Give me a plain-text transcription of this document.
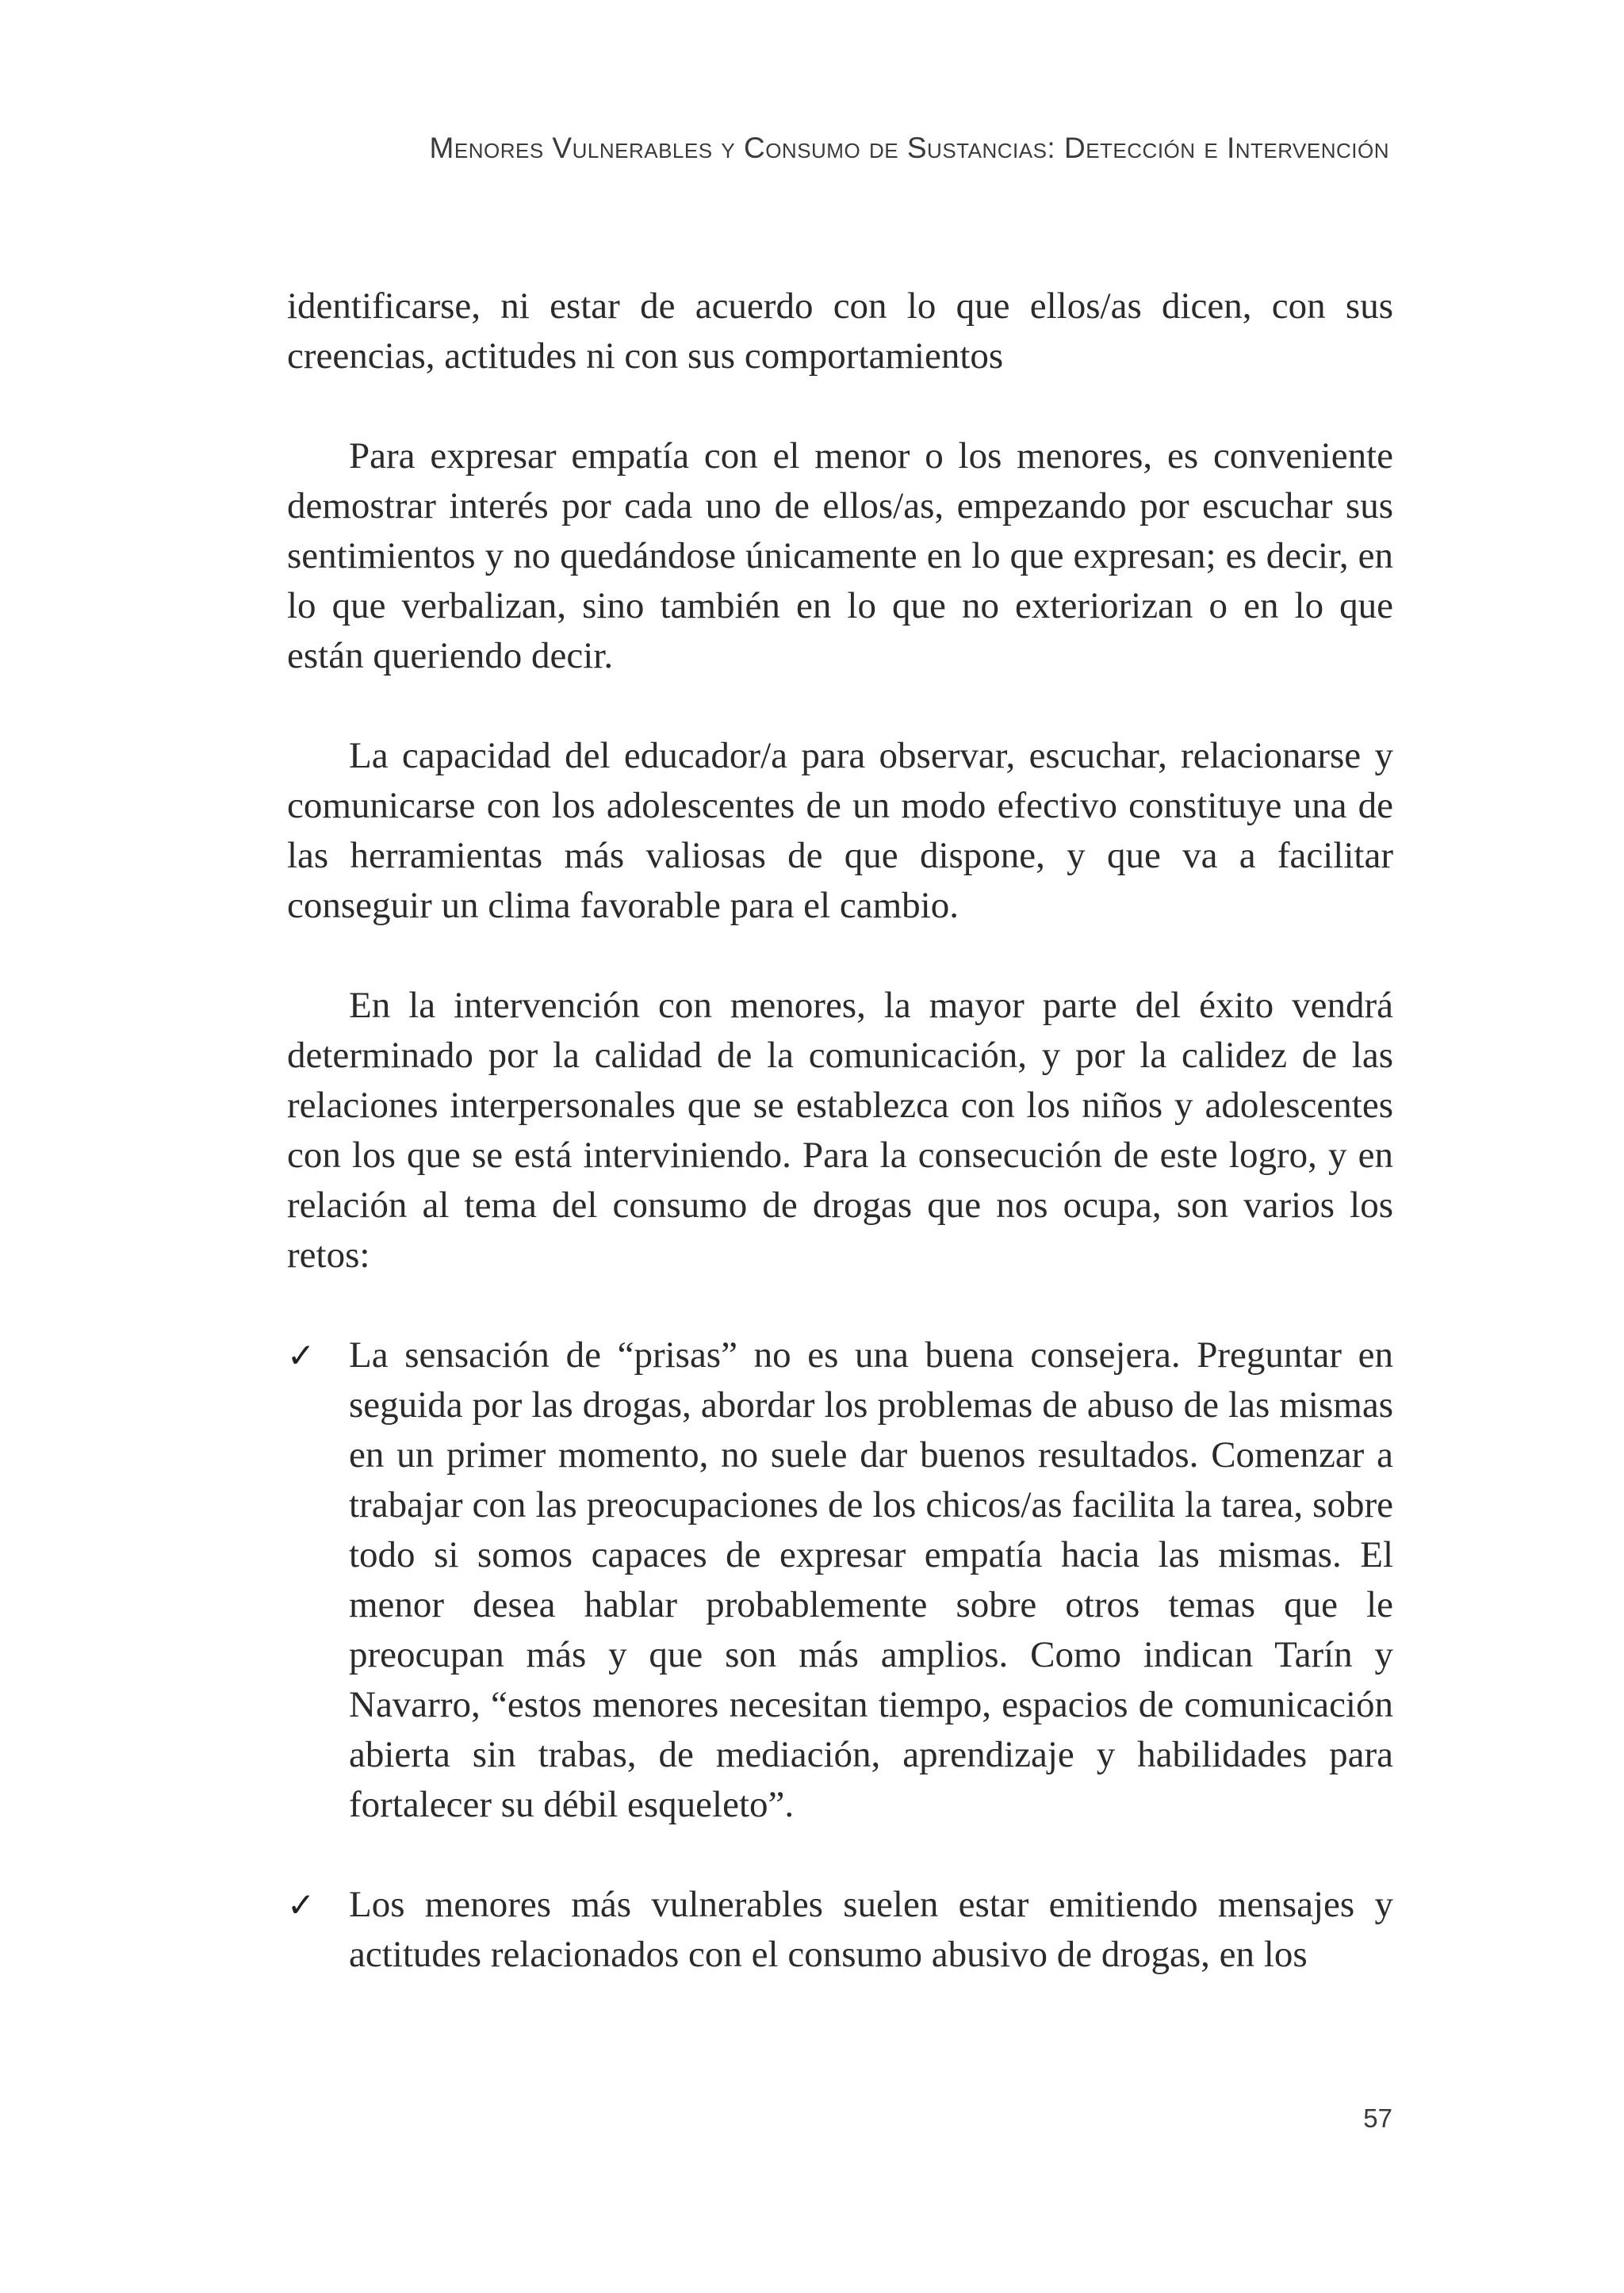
Menores Vulnerables y Consumo de Sustancias: Detección e Intervención

identificarse, ni estar de acuerdo con lo que ellos/as dicen, con sus creencias, actitudes ni con sus comportamientos

Para expresar empatía con el menor o los menores, es conveniente demostrar interés por cada uno de ellos/as, empezando por escuchar sus sentimientos y no quedándose únicamente en lo que expresan; es decir, en lo que verbalizan, sino también en lo que no exteriorizan o en lo que están queriendo decir.

La capacidad del educador/a para observar, escuchar, relacionarse y comunicarse con los adolescentes de un modo efectivo constituye una de las herramientas más valiosas de que dispone, y que va a facilitar conseguir un clima favorable para el cambio.

En la intervención con menores, la mayor parte del éxito vendrá determinado por la calidad de la comunicación, y por la calidez de las relaciones interpersonales que se establezca con los niños y adolescentes con los que se está interviniendo. Para la consecución de este logro, y en relación al tema del consumo de drogas que nos ocupa, son varios los retos:

✓ La sensación de “prisas” no es una buena consejera. Preguntar en seguida por las drogas, abordar los problemas de abuso de las mismas en un primer momento, no suele dar buenos resultados. Comenzar a trabajar con las preocupaciones de los chicos/as facilita la tarea, sobre todo si somos capaces de expresar empatía hacia las mismas. El menor desea hablar probablemente sobre otros temas que le preocupan más y que son más amplios. Como indican Tarín y Navarro, “estos menores necesitan tiempo, espacios de comunicación abierta sin trabas, de mediación, aprendizaje y habilidades para fortalecer su débil esqueleto”.
✓ Los menores más vulnerables suelen estar emitiendo mensajes y actitudes relacionados con el consumo abusivo de drogas, en los
57
